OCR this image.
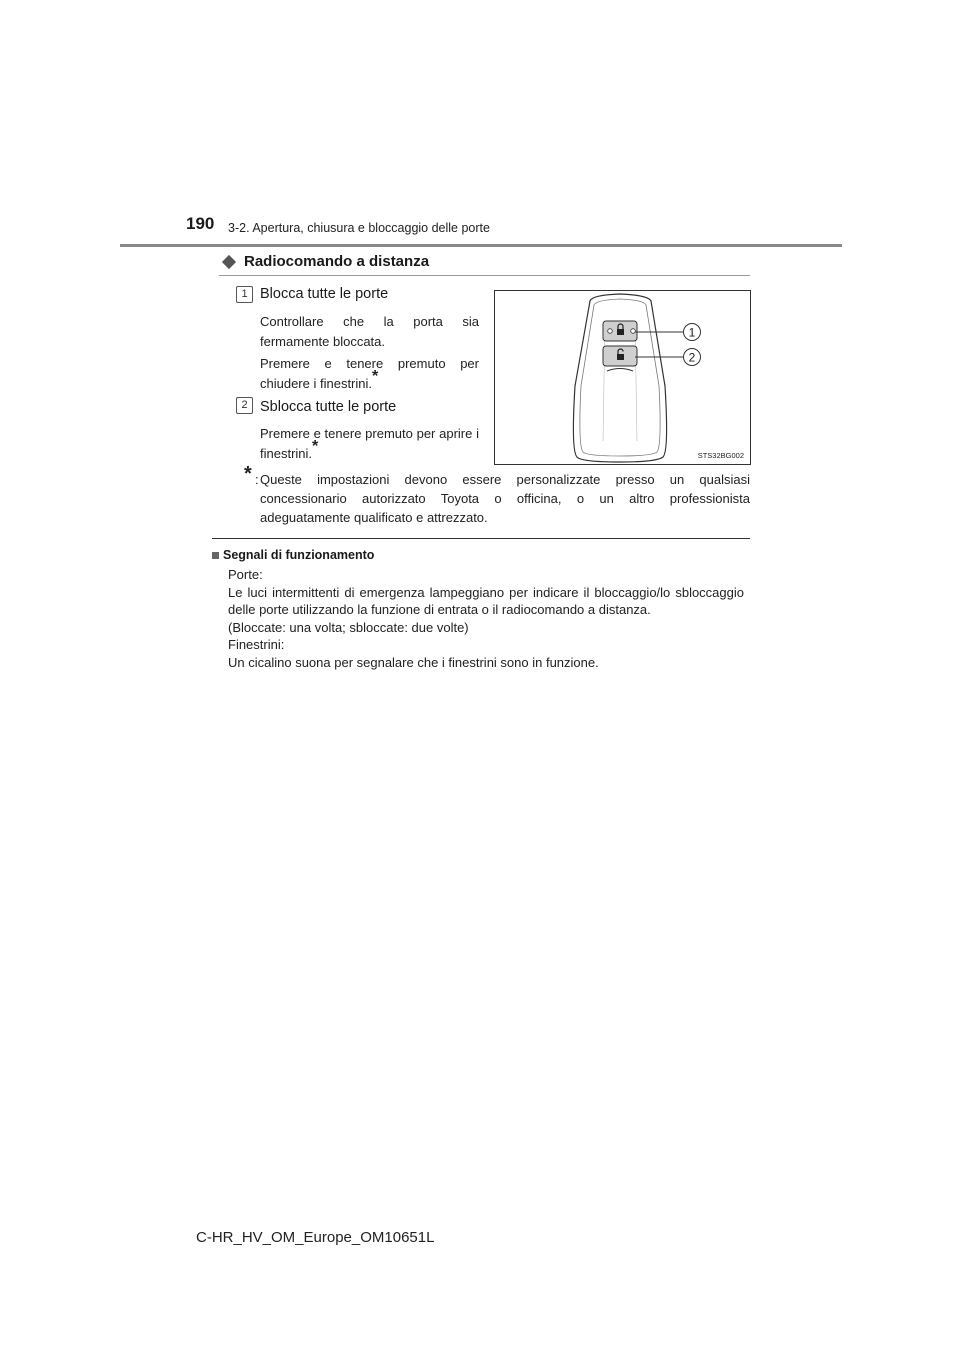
190 3-2. Apertura, chiusura e bloccaggio delle porte
Radiocomando a distanza
1 Blocca tutte le porte
Controllare che la porta sia fermamente bloccata.
Premere e tenere premuto per chiudere i finestrini.*
2 Sblocca tutte le porte
Premere e tenere premuto per aprire i finestrini.*
1
2
STS32BG002
* : Queste impostazioni devono essere personalizzate presso un qualsiasi concessionario autorizzato Toyota o officina, o un altro professionista adeguatamente qualificato e attrezzato.
Segnali di funzionamento
Porte:
Le luci intermittenti di emergenza lampeggiano per indicare il bloccaggio/lo sbloccaggio delle porte utilizzando la funzione di entrata o il radiocomando a distanza.
(Bloccate: una volta; sbloccate: due volte)
Finestrini:
Un cicalino suona per segnalare che i finestrini sono in funzione.
C-HR_HV_OM_Europe_OM10651L
